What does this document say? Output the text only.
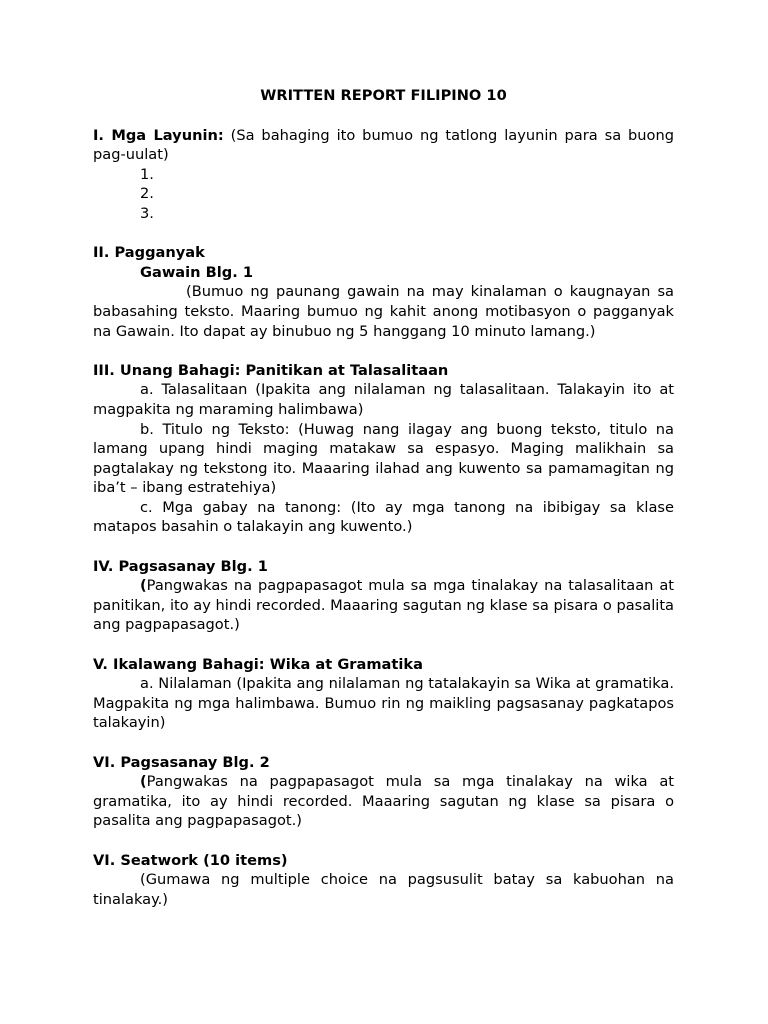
WRITTEN REPORT FILIPINO 10

I. Mga Layunin: (Sa bahaging ito bumuo ng tatlong layunin para sa buong pag-uulat)

1.

2.

3.

II. Pagganyak

Gawain Blg. 1

(Bumuo ng paunang gawain na may kinalaman o kaugnayan sa babasahing teksto. Maaring bumuo ng kahit anong motibasyon o pagganyak na Gawain. Ito dapat ay binubuo ng 5 hanggang 10 minuto lamang.)

III. Unang Bahagi: Panitikan at Talasalitaan

a. Talasalitaan (Ipakita ang nilalaman ng talasalitaan. Talakayin ito at magpakita ng maraming halimbawa)

b. Titulo ng Teksto: (Huwag nang ilagay ang buong teksto, titulo na lamang upang hindi maging matakaw sa espasyo. Maging malikhain sa pagtalakay ng tekstong ito. Maaaring ilahad ang kuwento sa pamamagitan ng iba’t – ibang estratehiya)

c. Mga gabay na tanong: (Ito ay mga tanong na ibibigay sa klase matapos basahin o talakayin ang kuwento.)

IV. Pagsasanay Blg. 1

(Pangwakas na pagpapasagot mula sa mga tinalakay na talasalitaan at panitikan, ito ay hindi recorded. Maaaring sagutan ng klase sa pisara o pasalita ang pagpapasagot.)

V. Ikalawang Bahagi: Wika at Gramatika

a. Nilalaman (Ipakita ang nilalaman ng tatalakayin sa Wika at gramatika. Magpakita ng mga halimbawa. Bumuo rin ng maikling pagsasanay pagkatapos talakayin)

VI. Pagsasanay Blg. 2

(Pangwakas na pagpapasagot mula sa mga tinalakay na wika at gramatika, ito ay hindi recorded. Maaaring sagutan ng klase sa pisara o pasalita ang pagpapasagot.)

VI. Seatwork (10 items)

(Gumawa ng multiple choice na pagsusulit batay sa kabuohan na tinalakay.)
